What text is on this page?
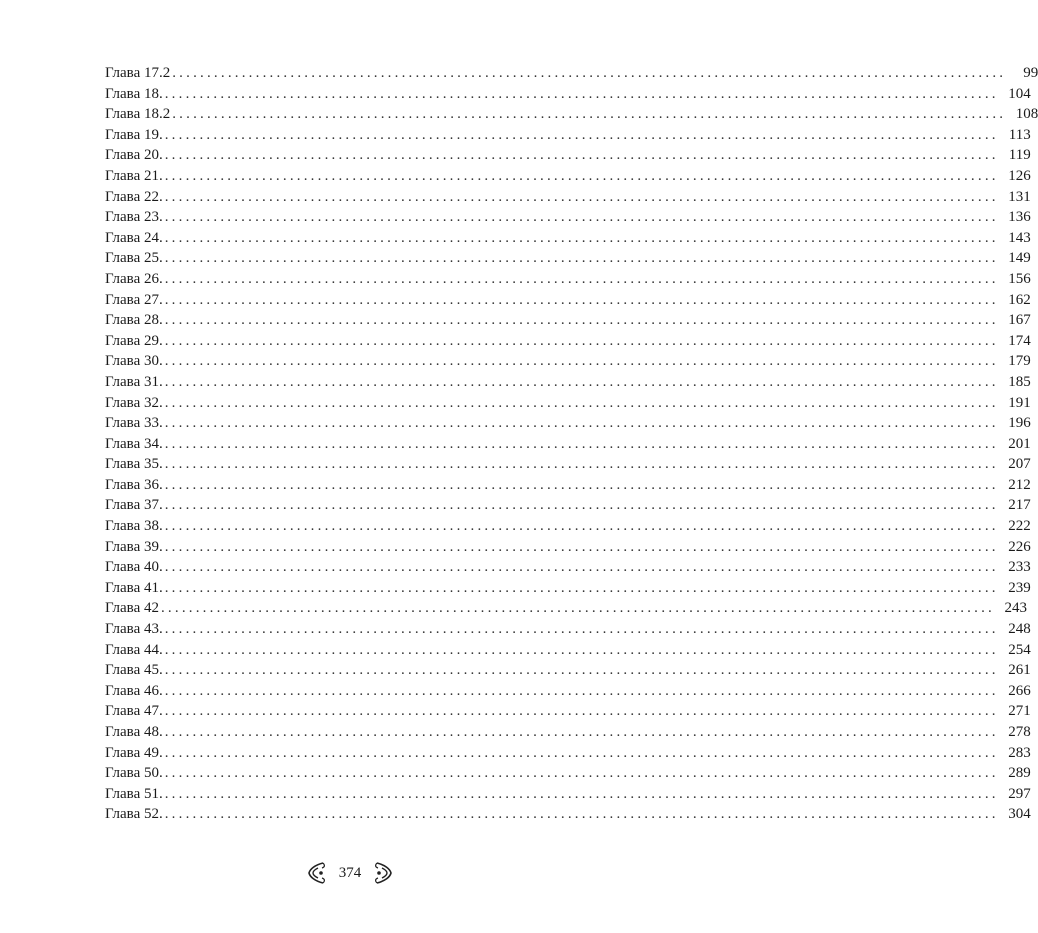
Глава 17.2 ........................................................................................................................	99
Глава 18. ........................................................................................................................ 104
Глава 18.2 ........................................................................................................................ 108
Глава 19. ........................................................................................................................ 113
Глава 20. ........................................................................................................................ 119
Глава 21. ........................................................................................................................ 126
Глава 22. ........................................................................................................................ 131
Глава 23. ........................................................................................................................ 136
Глава 24. ........................................................................................................................ 143
Глава 25. ........................................................................................................................ 149
Глава 26. ........................................................................................................................ 156
Глава 27. ........................................................................................................................ 162
Глава 28. ........................................................................................................................ 167
Глава 29. ........................................................................................................................ 174
Глава 30. ........................................................................................................................ 179
Глава 31. ........................................................................................................................ 185
Глава 32. ........................................................................................................................ 191
Глава 33. ........................................................................................................................ 196
Глава 34. ........................................................................................................................ 201
Глава 35. ........................................................................................................................ 207
Глава 36. ........................................................................................................................ 212
Глава 37. ........................................................................................................................ 217
Глава 38. ........................................................................................................................ 222
Глава 39. ........................................................................................................................ 226
Глава 40. ........................................................................................................................ 233
Глава 41. ........................................................................................................................ 239
Глава 42 ........................................................................................................................ 243
Глава 43. ........................................................................................................................ 248
Глава 44. ........................................................................................................................ 254
Глава 45. ........................................................................................................................ 261
Глава 46. ........................................................................................................................ 266
Глава 47. ........................................................................................................................ 271
Глава 48. ........................................................................................................................ 278
Глава 49. ........................................................................................................................ 283
Глава 50. ........................................................................................................................ 289
Глава 51. ........................................................................................................................ 297
Глава 52. ........................................................................................................................ 304
374
